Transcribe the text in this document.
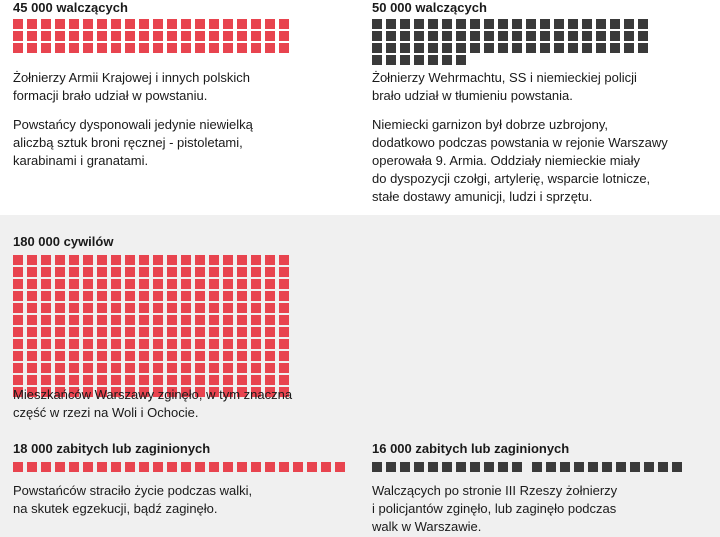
45 000 walczących
Żołnierzy Armii Krajowej i innych polskich
formacji brało udział w powstaniu.
Powstańcy dysponowali jedynie niewielką
aliczbą sztuk broni ręcznej - pistoletami,
karabinami i granatami.
50 000 walczących
Żołnierzy Wehrmachtu, SS i niemieckiej policji
brało udział w tłumieniu powstania.
Niemiecki garnizon był dobrze uzbrojony,
dodatkowo podczas powstania w rejonie Warszawy
operowała 9. Armia. Oddziały niemieckie miały
do dyspozycji czołgi, artylerię, wsparcie lotnicze,
stałe dostawy amunicji, ludzi i sprzętu.
180 000 cywilów
Mieszkańców Warszawy zginęło, w tym znaczna
część w rzezi na Woli i Ochocie.
18 000 zabitych lub zaginionych
Powstańców straciło życie podczas walki,
na skutek egzekucji, bądź zaginęło.
16 000 zabitych lub zaginionych
Walczących po stronie III Rzeszy żołnierzy
i policjantów zginęło, lub zaginęło podczas
walk w Warszawie.
